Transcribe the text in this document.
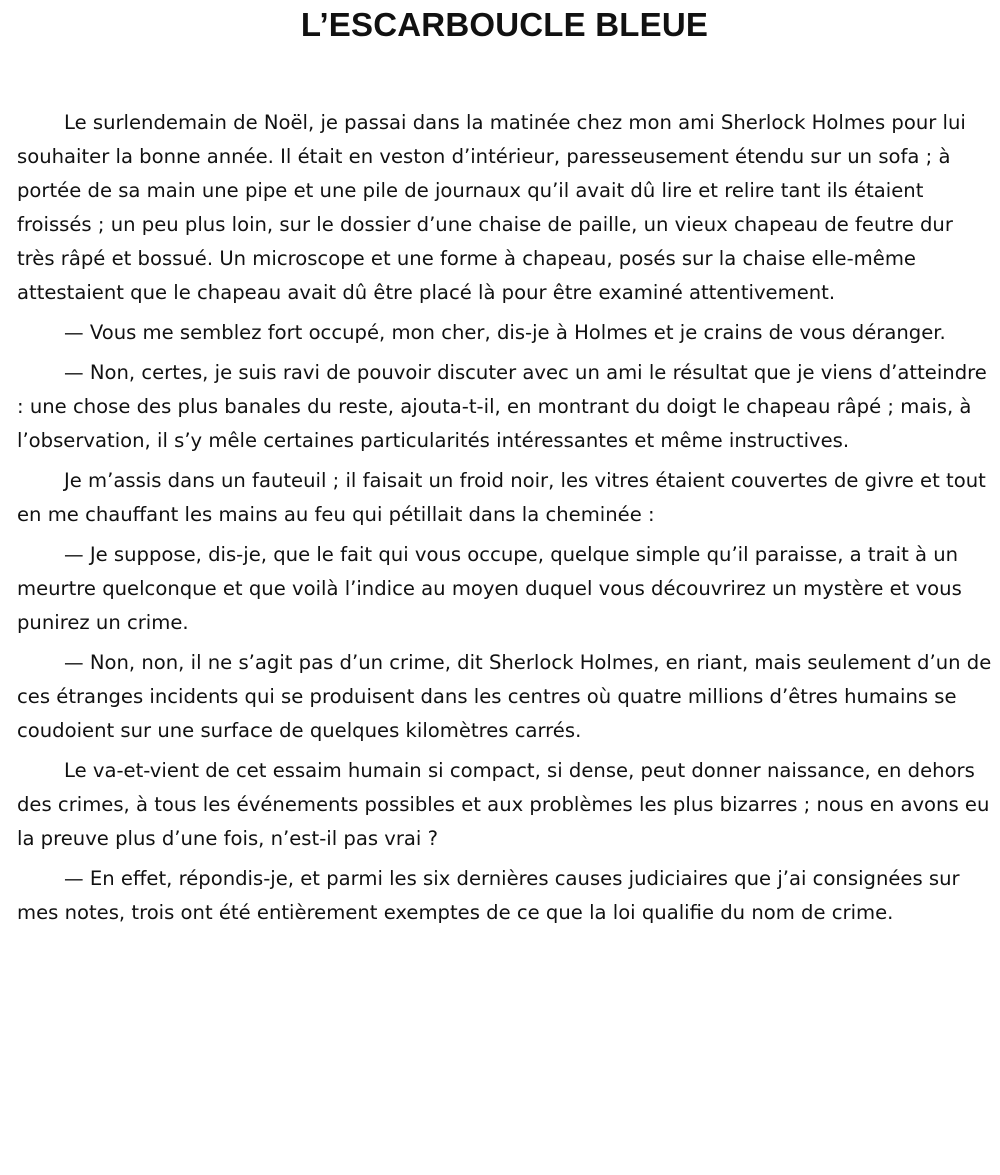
L’ESCARBOUCLE BLEUE

Le surlendemain de Noël, je passai dans la matinée chez mon ami Sherlock Holmes pour lui souhaiter la bonne année. Il était en veston d’intérieur, paresseusement étendu sur un sofa ; à portée de sa main une pipe et une pile de journaux qu’il avait dû lire et relire tant ils étaient froissés ; un peu plus loin, sur le dossier d’une chaise de paille, un vieux chapeau de feutre dur très râpé et bossué. Un microscope et une forme à chapeau, posés sur la chaise elle-même attestaient que le chapeau avait dû être placé là pour être examiné attentivement.

— Vous me semblez fort occupé, mon cher, dis-je à Holmes et je crains de vous déranger.

— Non, certes, je suis ravi de pouvoir discuter avec un ami le résultat que je viens d’atteindre : une chose des plus banales du reste, ajouta-t-il, en montrant du doigt le chapeau râpé ; mais, à l’observation, il s’y mêle certaines particularités intéressantes et même instructives.

Je m’assis dans un fauteuil ; il faisait un froid noir, les vitres étaient couvertes de givre et tout en me chauffant les mains au feu qui pétillait dans la cheminée :

— Je suppose, dis-je, que le fait qui vous occupe, quelque simple qu’il paraisse, a trait à un meurtre quelconque et que voilà l’indice au moyen duquel vous découvrirez un mystère et vous punirez un crime.

— Non, non, il ne s’agit pas d’un crime, dit Sherlock Holmes, en riant, mais seulement d’un de ces étranges incidents qui se produisent dans les centres où quatre millions d’êtres humains se coudoient sur une surface de quelques kilomètres carrés.

Le va-et-vient de cet essaim humain si compact, si dense, peut donner naissance, en dehors des crimes, à tous les événements possibles et aux problèmes les plus bizarres ; nous en avons eu la preuve plus d’une fois, n’est-il pas vrai ?

— En effet, répondis-je, et parmi les six dernières causes judiciaires que j’ai consignées sur mes notes, trois ont été entièrement exemptes de ce que la loi qualifie du nom de crime.
